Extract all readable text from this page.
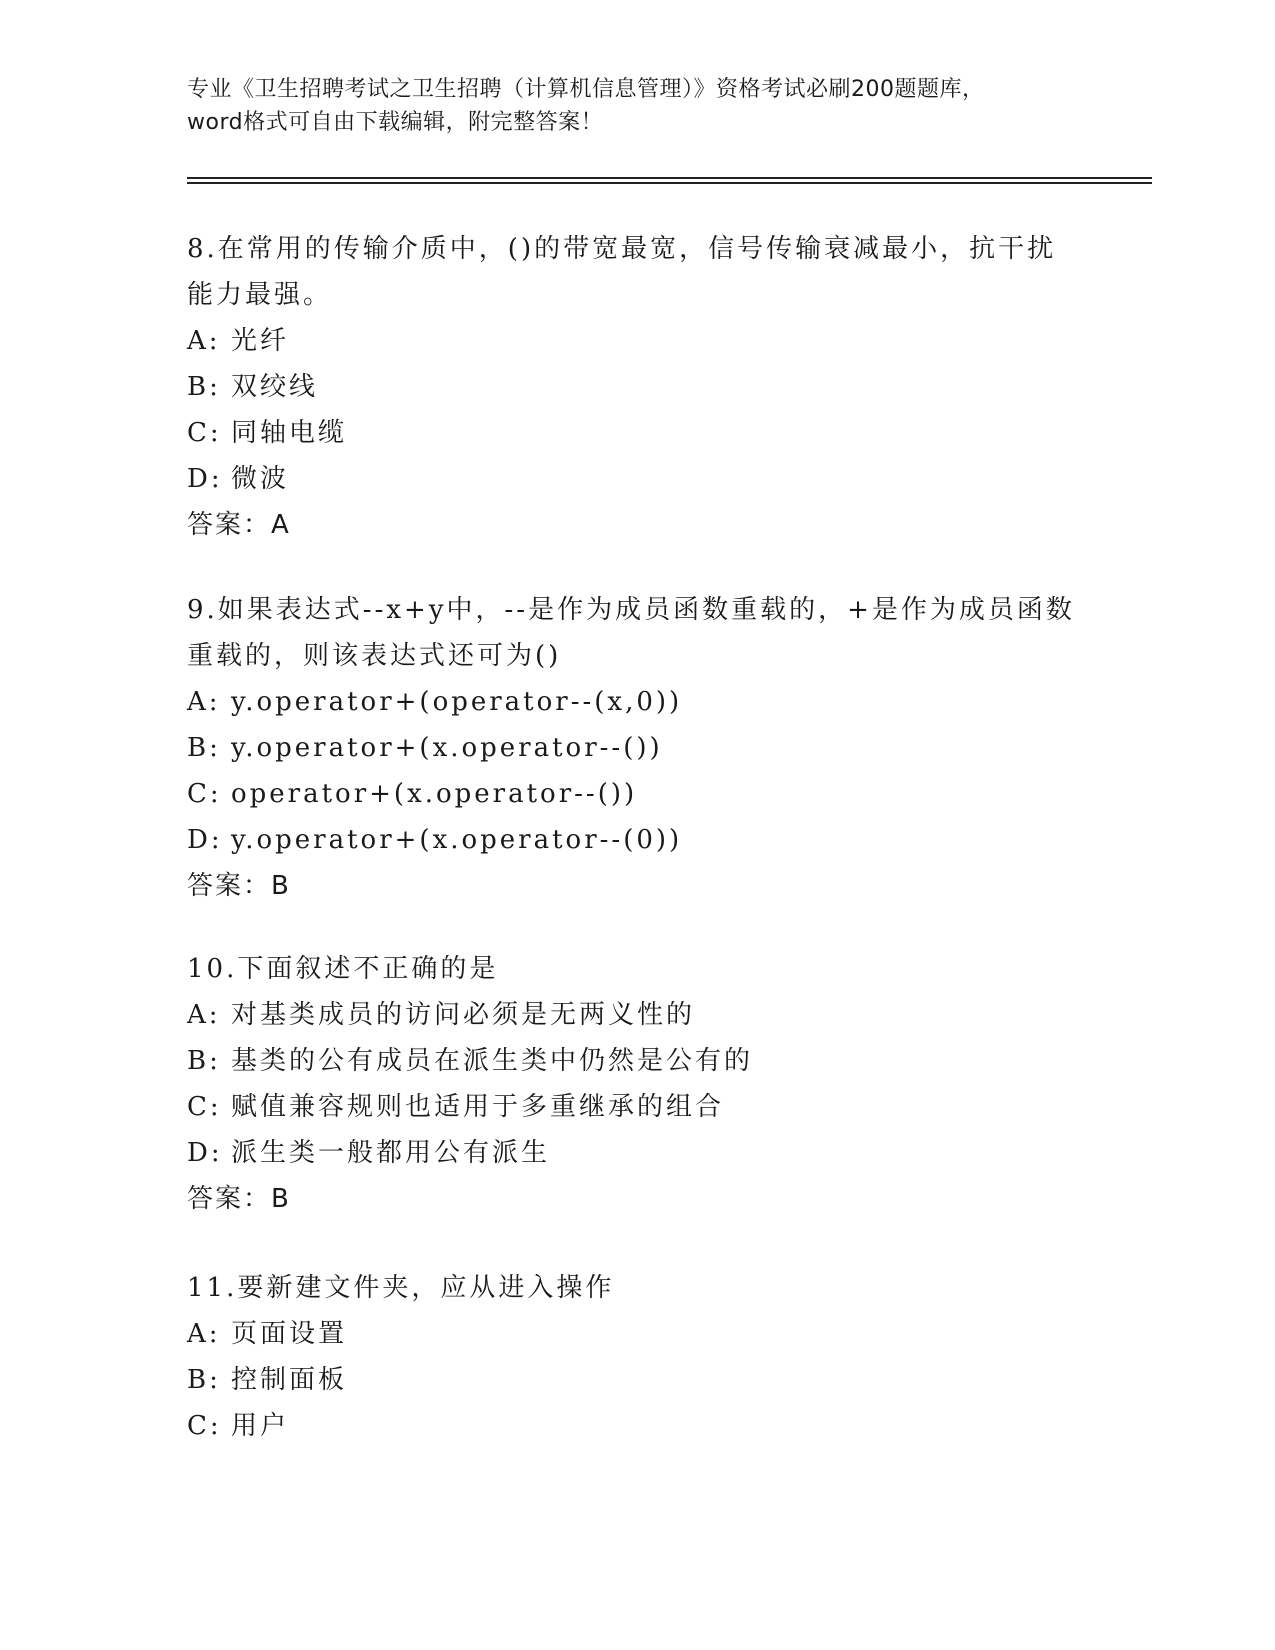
专业《卫生招聘考试之卫生招聘（计算机信息管理）》资格考试必刷200题题库，
word格式可自由下载编辑，附完整答案！
8.在常用的传输介质中，()的带宽最宽，信号传输衰减最小，抗干扰
能力最强。
A: 光纤
B: 双绞线
C: 同轴电缆
D: 微波
答案：A
9.如果表达式--x+y中，--是作为成员函数重载的，+是作为成员函数
重载的，则该表达式还可为()
A: y.operator+(operator--(x,0))
B: y.operator+(x.operator--())
C: operator+(x.operator--())
D: y.operator+(x.operator--(0))
答案：B
10.下面叙述不正确的是
A: 对基类成员的访问必须是无两义性的
B: 基类的公有成员在派生类中仍然是公有的
C: 赋值兼容规则也适用于多重继承的组合
D: 派生类一般都用公有派生
答案：B
11.要新建文件夹，应从进入操作
A: 页面设置
B: 控制面板
C: 用户
